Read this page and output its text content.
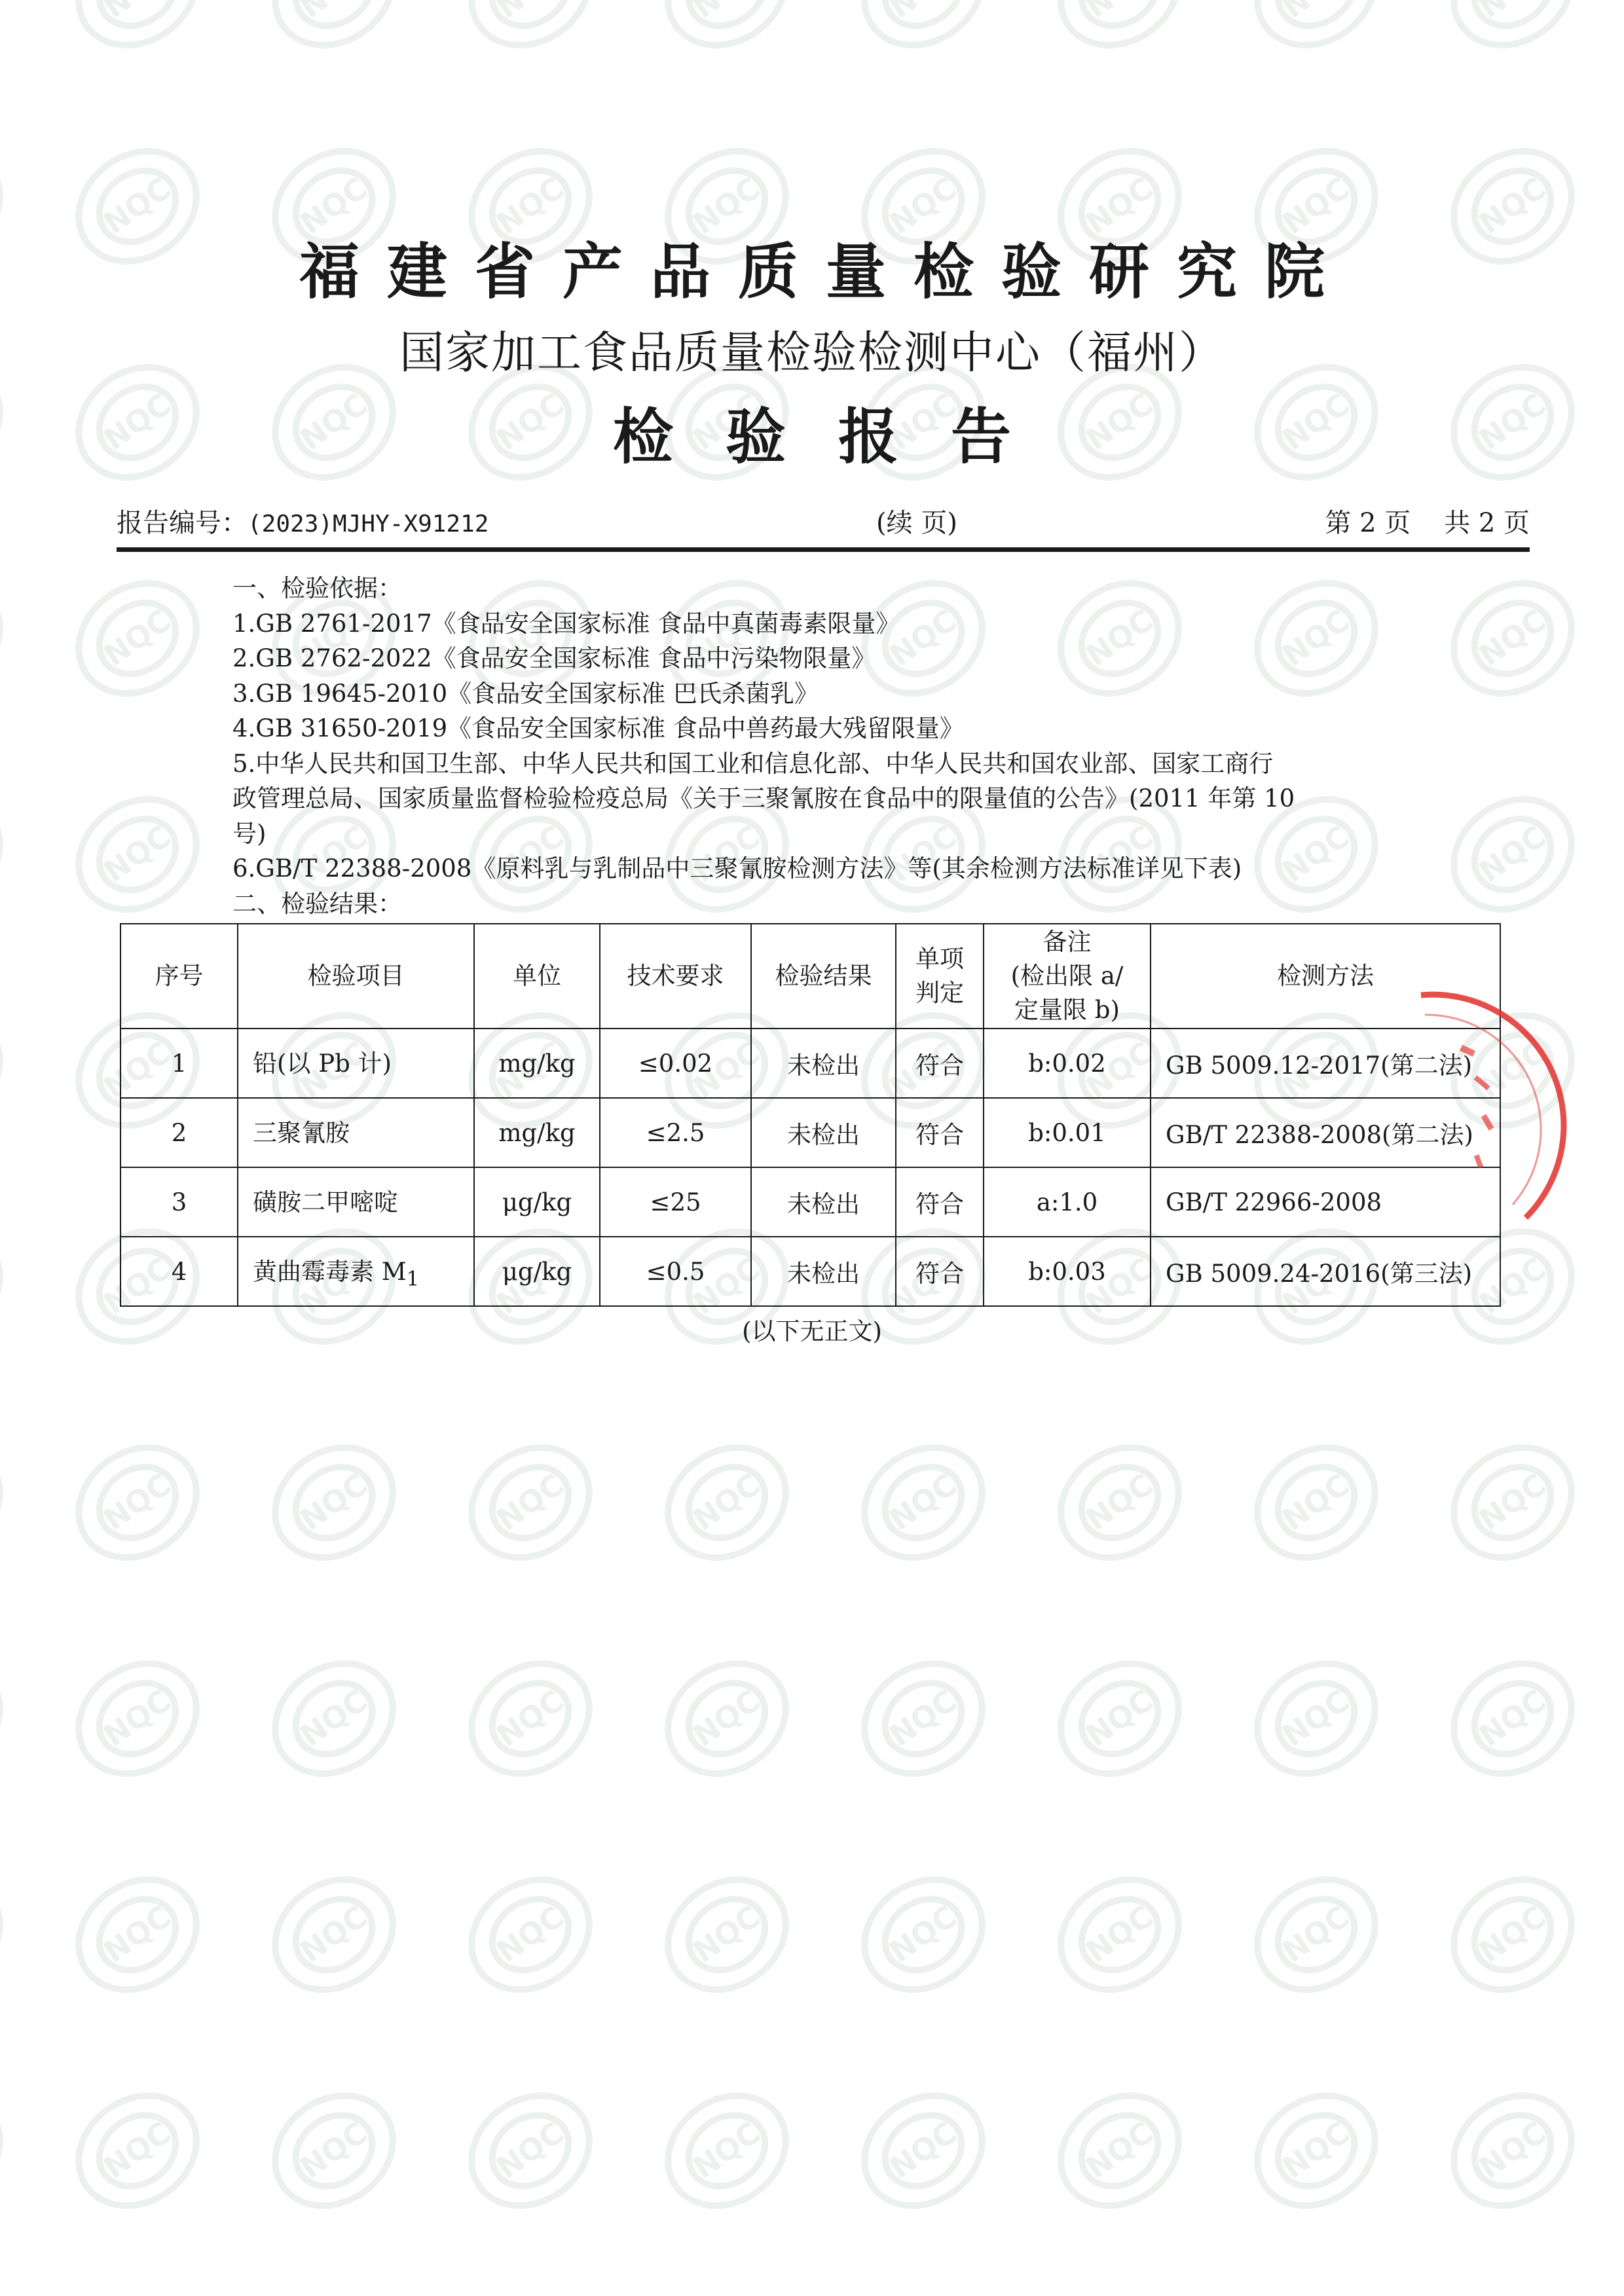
福建省产品质量检验研究院
国家加工食品质量检验检测中心（福州）
检验报告
报告编号：(2023)MJHY-X91212	(续 页)	第 2 页 共 2 页

一、检验依据：

1.GB 2761-2017《食品安全国家标准 食品中真菌毒素限量》

2.GB 2762-2022《食品安全国家标准 食品中污染物限量》

3.GB 19645-2010《食品安全国家标准 巴氏杀菌乳》

4.GB 31650-2019《食品安全国家标准 食品中兽药最大残留限量》

5.中华人民共和国卫生部、中华人民共和国工业和信息化部、中华人民共和国农业部、国家工商行

政管理总局、国家质量监督检验检疫总局《关于三聚氰胺在食品中的限量值的公告》(2011 年第 10

号)

6.GB/T 22388-2008《原料乳与乳制品中三聚氰胺检测方法》等(其余检测方法标准详见下表)

二、检验结果：

序号	检验项目	单位	技术要求	检验结果	单项
判定	备注
(检出限 a/
定量限 b)	检测方法
1	铅(以 Pb 计)	mg/kg	≤0.02	未检出	符合	b:0.02	GB 5009.12-2017(第二法)
2	三聚氰胺	mg/kg	≤2.5	未检出	符合	b:0.01	GB/T 22388-2008(第二法)
3	磺胺二甲嘧啶	μg/kg	≤25	未检出	符合	a:1.0	GB/T 22966-2008
4	黄曲霉毒素 $M_1$	μg/kg	≤0.5	未检出	符合	b:0.03	GB 5009.24-2016(第三法)
(以下无正文)
